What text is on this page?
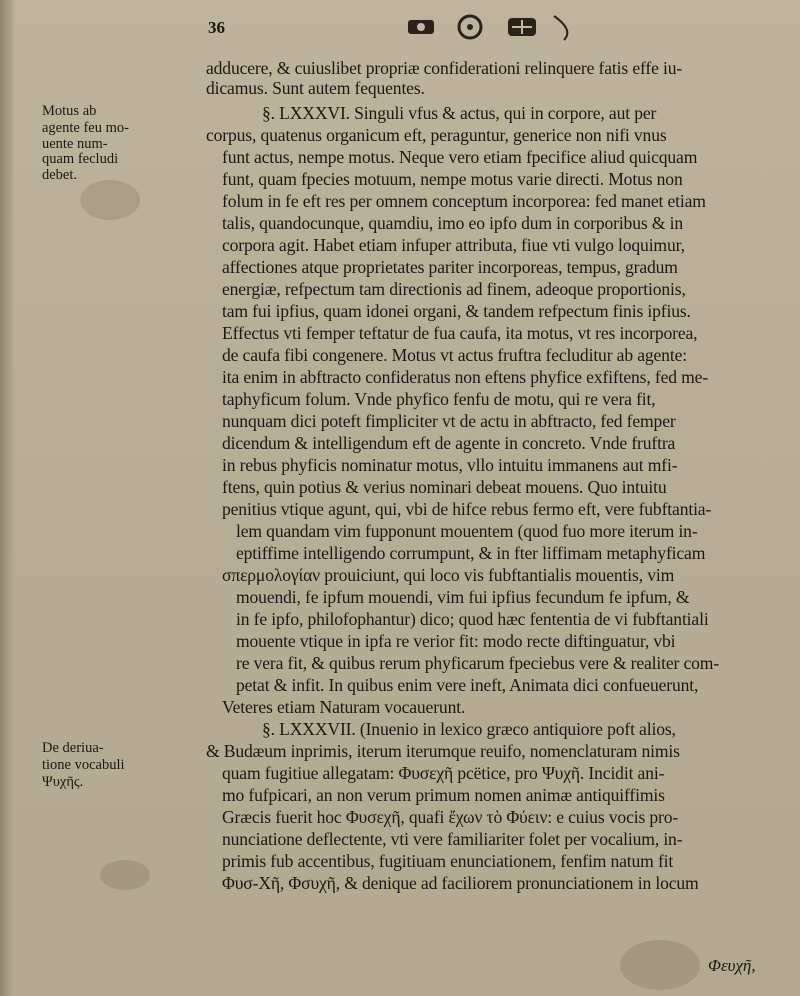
36
Motus ab
agente feu mo-
uente num-
quam fecludi
debet.
De deriua-
tione vocabuli
Ψυχῆς.
adducere, & cuiuslibet propriæ confiderationi relinquere fatis effe iu-
dicamus. Sunt autem fequentes.
§. LXXXVI. Singuli vfus & actus, qui in corpore, aut per
corpus, quatenus organicum eft, peraguntur, generice non nifi vnus
funt actus, nempe motus. Neque vero etiam fpecifice aliud quicquam
funt, quam fpecies motuum, nempe motus varie directi. Motus non
folum in fe eft res per omnem conceptum incorporea: fed manet etiam
talis, quandocunque, quamdiu, imo eo ipfo dum in corporibus & in
corpora agit. Habet etiam infuper attributa, fiue vti vulgo loquimur,
affectiones atque proprietates pariter incorporeas, tempus, gradum
energiæ, refpectum tam directionis ad finem, adeoque proportionis,
tam fui ipfius, quam idonei organi, & tandem refpectum finis ipfius.
Effectus vti femper teftatur de fua caufa, ita motus, vt res incorporea,
de caufa fibi congenere. Motus vt actus fruftra fecluditur ab agente:
ita enim in abftracto confideratus non eftens phyfice exfiftens, fed me-
taphyficum folum. Vnde phyfico fenfu de motu, qui re vera fit,
nunquam dici poteft fimpliciter vt de actu in abftracto, fed femper
dicendum & intelligendum eft de agente in concreto. Vnde fruftra
in rebus phyficis nominatur motus, vllo intuitu immanens aut mfi-
ftens, quin potius & verius nominari debeat mouens. Quo intuitu
penitius vtique agunt, qui, vbi de hifce rebus fermo eft, vere fubftantia-
lem quandam vim fupponunt mouentem (quod fuo more iterum in-
eptiffime intelligendo corrumpunt, & in fter liffimam metaphyficam
σπερμολογίαν prouiciunt, qui loco vis fubftantialis mouentis, vim
mouendi, fe ipfum mouendi, vim fui ipfius fecundum fe ipfum, &
in fe ipfo, philofophantur) dico; quod hæc fententia de vi fubftantiali
mouente vtique in ipfa re verior fit: modo recte diftinguatur, vbi
re vera fit, & quibus rerum phyficarum fpeciebus vere & realiter com-
petat & infit. In quibus enim vere ineft, Animata dici confueuerunt,
Veteres etiam Naturam vocauerunt.
§. LXXXVII. (Inuenio in lexico græco antiquiore poft alios,
& Budæum inprimis, iterum iterumque reuifo, nomenclaturam nimis
quam fugitiue allegatam: Φυσεχῆ pcëtice, pro Ψυχῆ. Incidit ani-
mo fufpicari, an non verum primum nomen animæ antiquiffimis
Græcis fuerit hoc Φυσεχῆ, quafi ἔχων τὸ Φύειν: e cuius vocis pro-
nunciatione deflectente, vti vere familiariter folet per vocalium, in-
primis fub accentibus, fugitiuam enunciationem, fenfim natum fit
Φυσ-Χῆ, Φσυχῆ, & denique ad faciliorem pronunciationem in locum
Φευχῆ,
